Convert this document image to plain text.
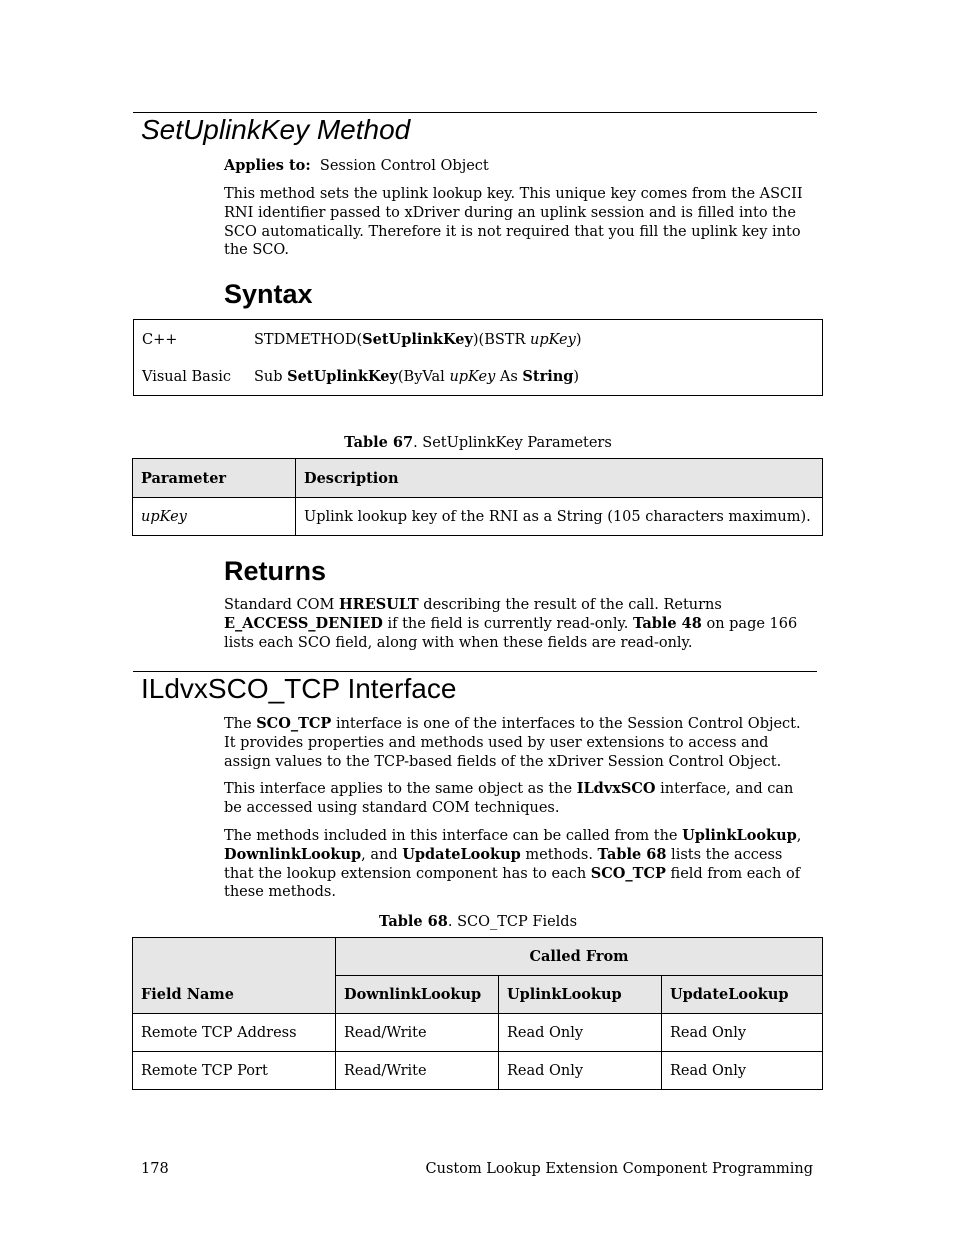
SetUplinkKey Method

Applies to: Session Control Object

This method sets the uplink lookup key. This unique key comes from the ASCII RNI identifier passed to xDriver during an uplink session and is filled into the SCO automatically. Therefore it is not required that you fill the uplink key into the SCO.

Syntax
C++	STDMETHOD(SetUplinkKey)(BSTR upKey)
Visual Basic Sub SetUplinkKey(ByVal upKey As String)

Table 67. SetUplinkKey Parameters

Parameter	Description
upKey	Uplink lookup key of the RNI as a String (105 characters maximum).
Returns

Standard COM HRESULT describing the result of the call. Returns E_ACCESS_DENIED if the field is currently read-only. Table 48 on page 166 lists each SCO field, along with when these fields are read-only.

ILdvxSCO_TCP Interface

The SCO_TCP interface is one of the interfaces to the Session Control Object. It provides properties and methods used by user extensions to access and assign values to the TCP-based fields of the xDriver Session Control Object.

This interface applies to the same object as the ILdvxSCO interface, and can be accessed using standard COM techniques.

The methods included in this interface can be called from the UplinkLookup, DownlinkLookup, and UpdateLookup methods. Table 68 lists the access that the lookup extension component has to each SCO_TCP field from each of these methods.

Table 68. SCO_TCP Fields

Field Name	Called From		
	DownlinkLookup	UplinkLookup	UpdateLookup
Remote TCP Address	Read/Write	Read Only	Read Only
Remote TCP Port	Read/Write	Read Only	Read Only
178	Custom Lookup Extension Component Programming
